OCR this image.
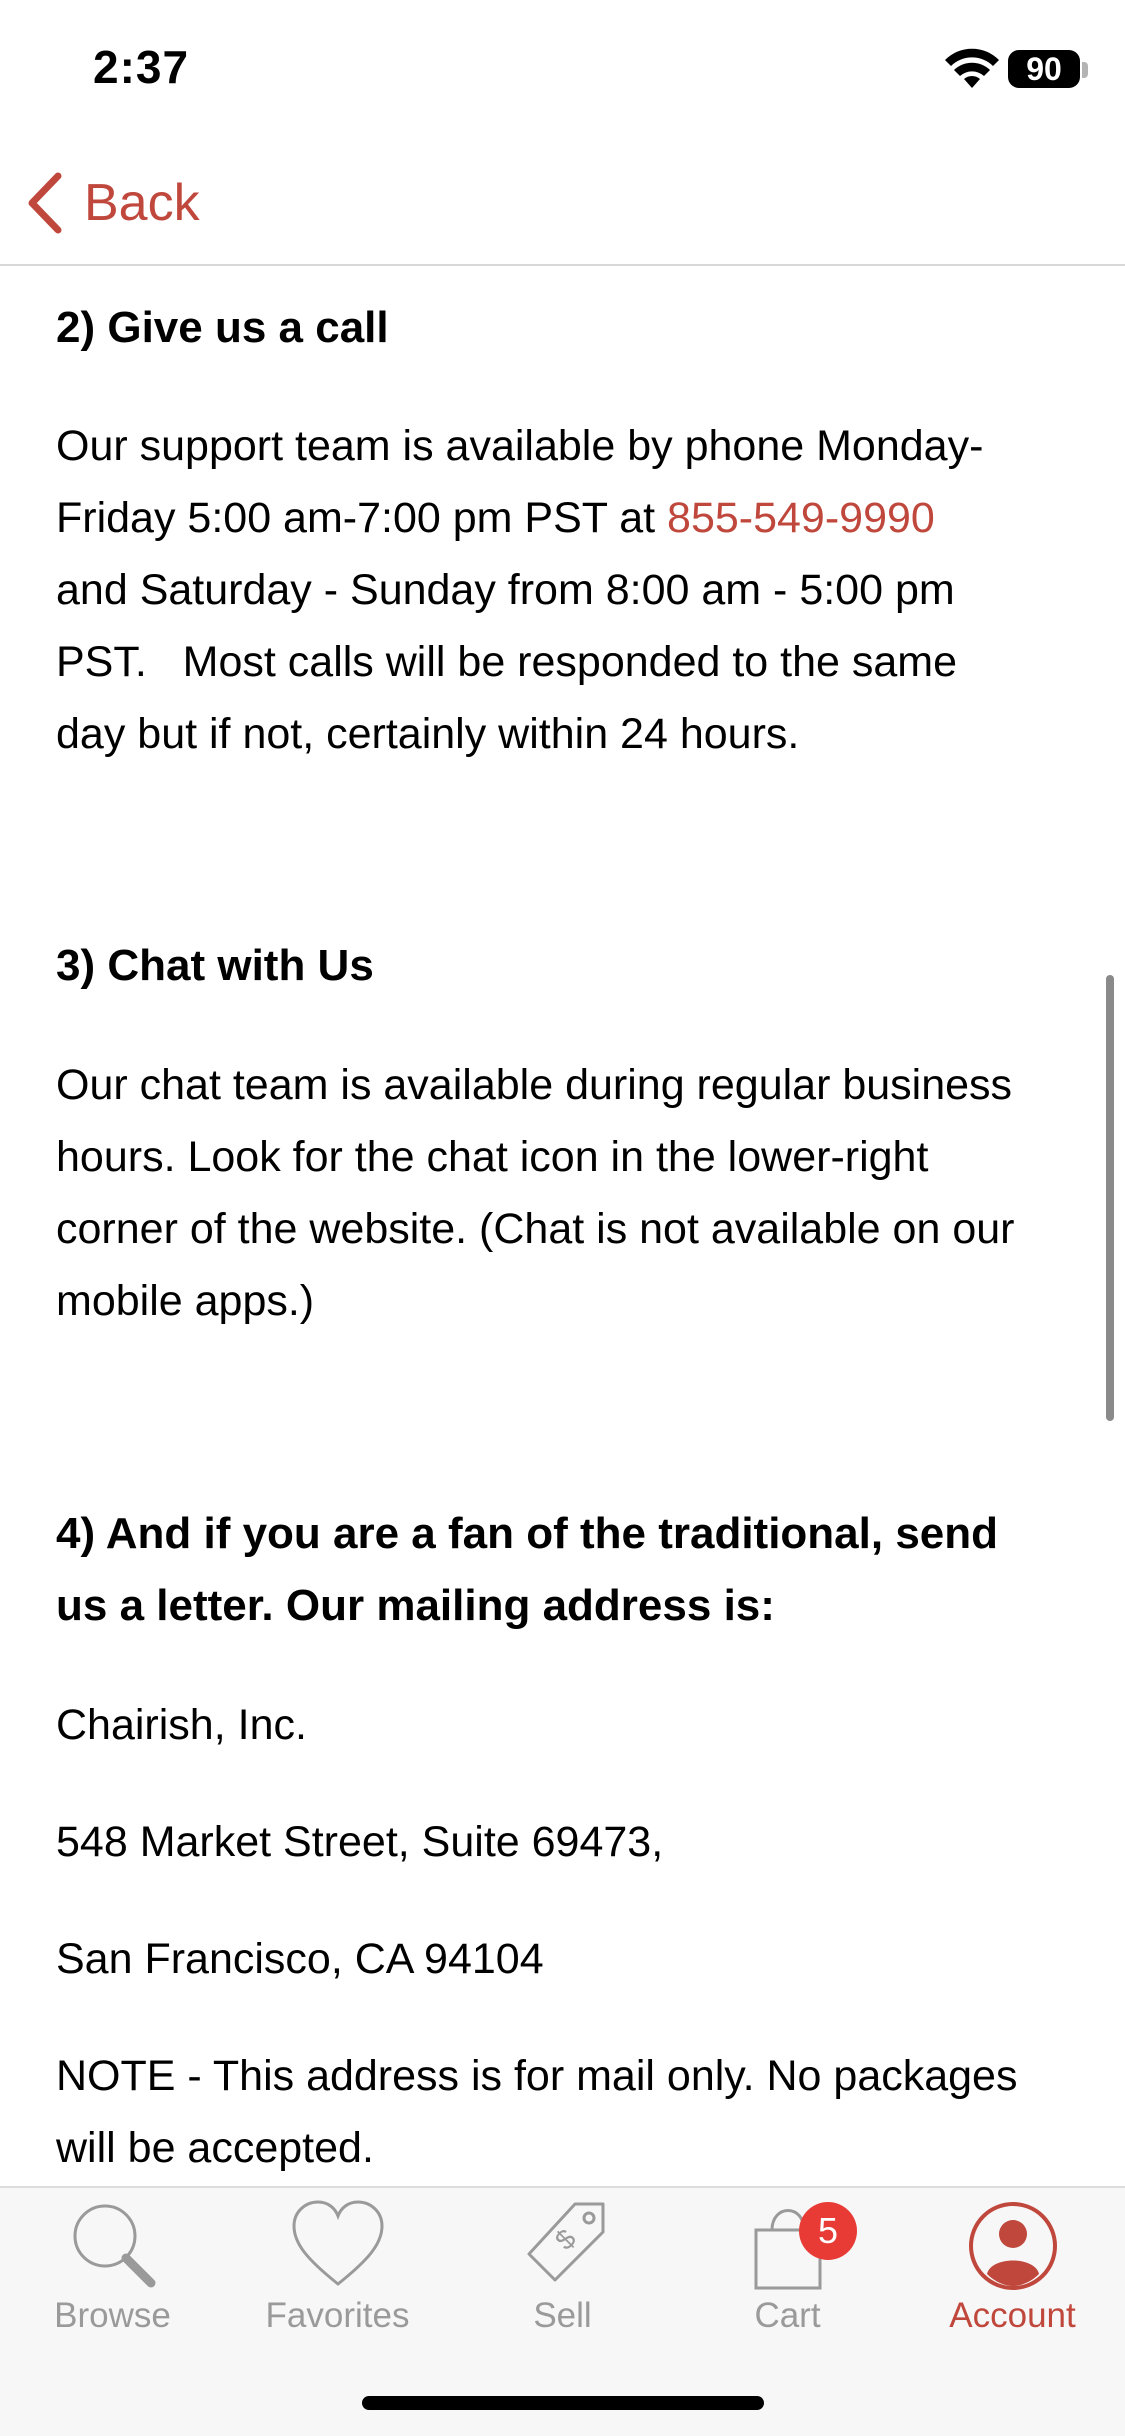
2:37	90
Back
2) Give us a call
Our support team is available by phone Monday-
Friday 5:00 am-7:00 pm PST at 855-549-9990
and Saturday - Sunday from 8:00 am - 5:00 pm
PST.   Most calls will be responded to the same
day but if not, certainly within 24 hours.
3) Chat with Us
Our chat team is available during regular business
hours. Look for the chat icon in the lower-right
corner of the website. (Chat is not available on our
mobile apps.)
4) And if you are a fan of the traditional, send
us a letter. Our mailing address is:
Chairish, Inc.
548 Market Street, Suite 69473,
San Francisco, CA 94104
NOTE - This address is for mail only. No packages
will be accepted.
Browse	Favorites
$
Sell	Cart
5
Account
